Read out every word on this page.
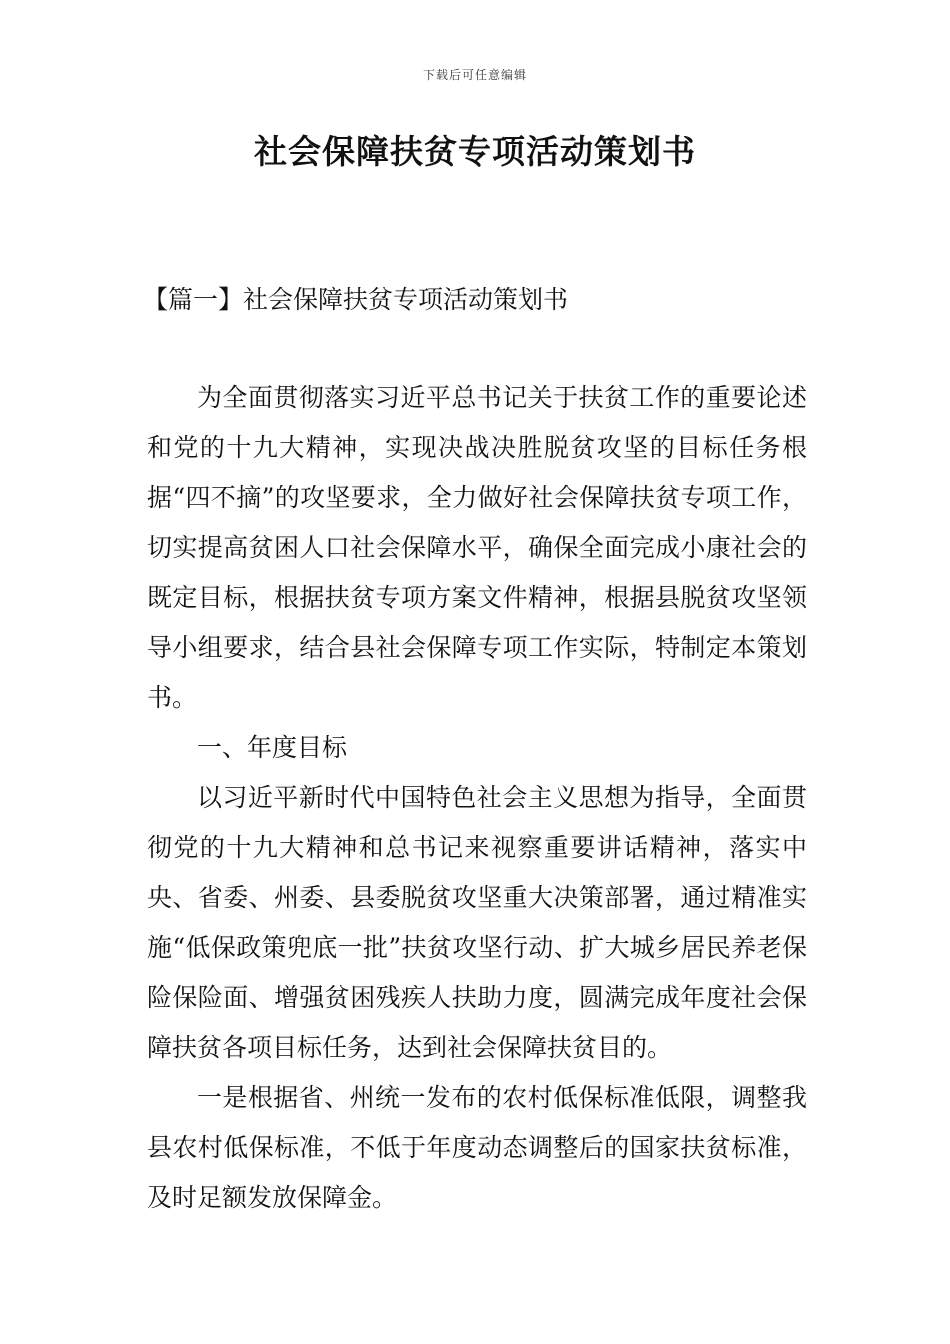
下载后可任意编辑
社会保障扶贫专项活动策划书
【篇一】社会保障扶贫专项活动策划书

为全面贯彻落实习近平总书记关于扶贫工作的重要论述和党的十九大精神，实现决战决胜脱贫攻坚的目标任务根据“四不摘”的攻坚要求，全力做好社会保障扶贫专项工作，切实提高贫困人口社会保障水平，确保全面完成小康社会的既定目标，根据扶贫专项方案文件精神，根据县脱贫攻坚领导小组要求，结合县社会保障专项工作实际，特制定本策划书。

一、年度目标

以习近平新时代中国特色社会主义思想为指导，全面贯彻党的十九大精神和总书记来视察重要讲话精神，落实中央、省委、州委、县委脱贫攻坚重大决策部署，通过精准实施“低保政策兜底一批”扶贫攻坚行动、扩大城乡居民养老保险保险面、增强贫困残疾人扶助力度，圆满完成年度社会保障扶贫各项目标任务，达到社会保障扶贫目的。

一是根据省、州统一发布的农村低保标准低限，调整我县农村低保标准，不低于年度动态调整后的国家扶贫标准，及时足额发放保障金。
